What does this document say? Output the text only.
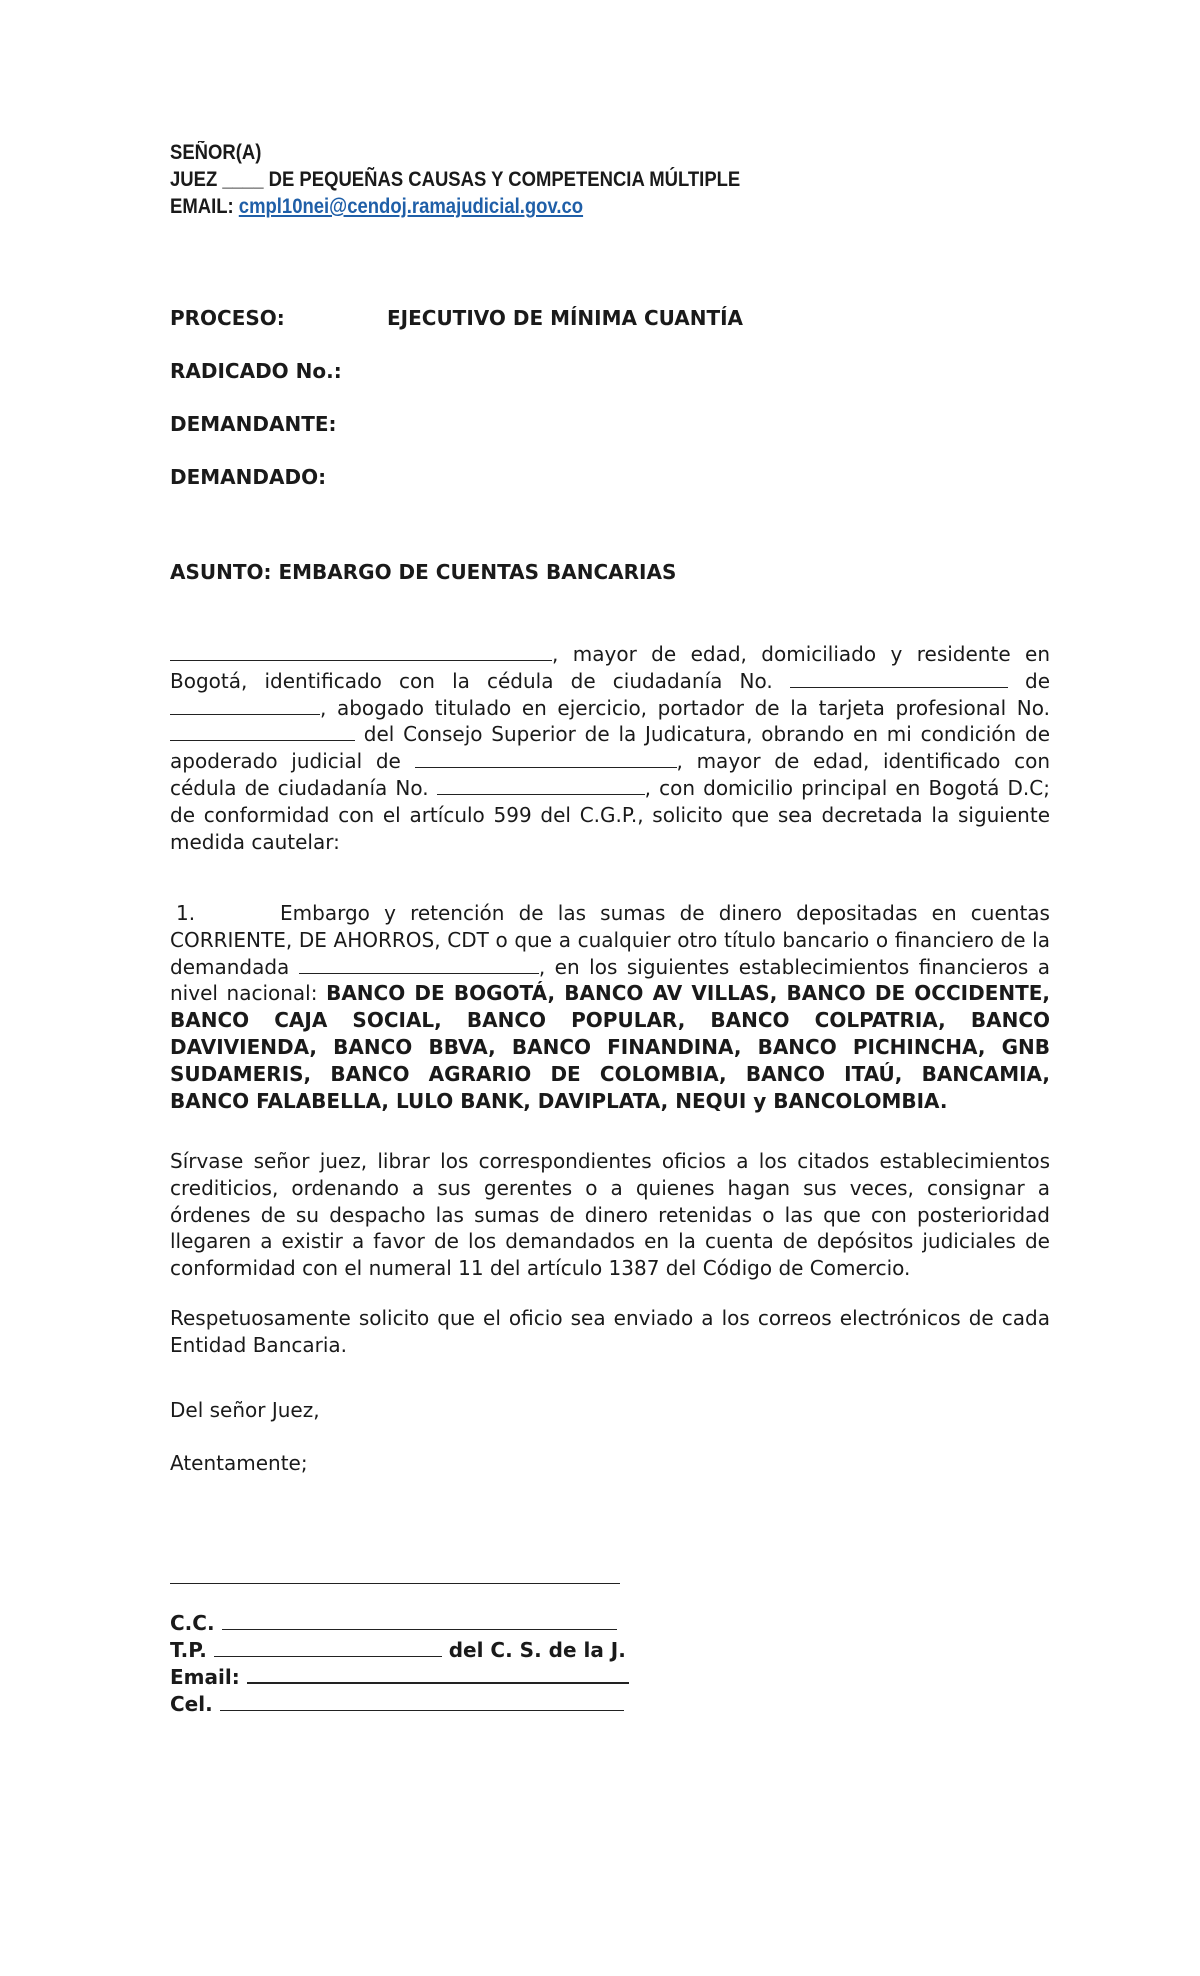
SEÑOR(A)
JUEZ ____ DE PEQUEÑAS CAUSAS Y COMPETENCIA MÚLTIPLE
EMAIL: cmpl10nei@cendoj.ramajudicial.gov.co
PROCESO:	EJECUTIVO DE MÍNIMA CUANTÍA
RADICADO No.:
DEMANDANTE:
DEMANDADO:
ASUNTO: EMBARGO DE CUENTAS BANCARIAS

, mayor de edad, domiciliado y residente en Bogotá, identificado con la cédula de ciudadanía No.	de , abogado titulado en ejercicio, portador de la tarjeta profesional No.  del Consejo Superior de la Judicatura, obrando en mi condición de apoderado judicial de	, mayor de edad, identificado con cédula de ciudadanía No.	, con domicilio principal en Bogotá D.C; de conformidad con el artículo 599 del C.G.P., solicito que sea decretada la siguiente medida cautelar:

1.	Embargo y retención de las sumas de dinero depositadas en cuentas CORRIENTE, DE AHORROS, CDT o que a cualquier otro título bancario o financiero de la demandada	, en los siguientes establecimientos financieros a nivel nacional: BANCO DE BOGOTÁ, BANCO AV VILLAS, BANCO DE OCCIDENTE, BANCO CAJA SOCIAL, BANCO POPULAR, BANCO COLPATRIA, BANCO DAVIVIENDA, BANCO BBVA, BANCO FINANDINA, BANCO PICHINCHA, GNB SUDAMERIS, BANCO AGRARIO DE COLOMBIA, BANCO ITAÚ, BANCAMIA, BANCO FALABELLA, LULO BANK, DAVIPLATA, NEQUI y BANCOLOMBIA.

Sírvase señor juez, librar los correspondientes oficios a los citados establecimientos crediticios, ordenando a sus gerentes o a quienes hagan sus veces, consignar a órdenes de su despacho las sumas de dinero retenidas o las que con posterioridad llegaren a existir a favor de los demandados en la cuenta de depósitos judiciales de conformidad con el numeral 11 del artículo 1387 del Código de Comercio.

Respetuosamente solicito que el oficio sea enviado a los correos electrónicos de cada Entidad Bancaria.

Del señor Juez,
Atentamente;
C.C.
T.P.	del C. S. de la J.
Email:
Cel.
